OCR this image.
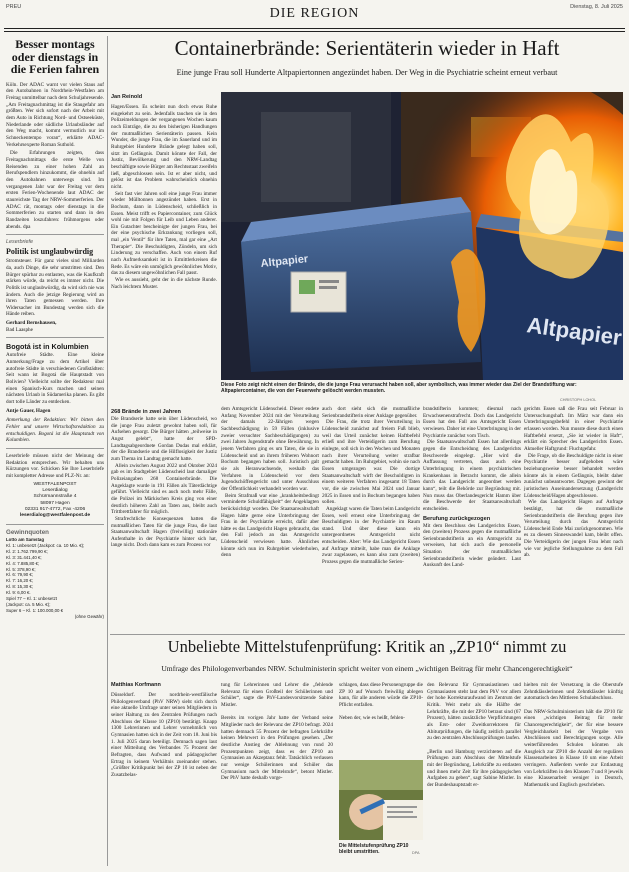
PREU	DIE REGION	Dienstag, 8. Juli 2025
Besser montags oder dienstags in die Ferien fahren

Köln. Der ADAC warnt vor vielen Staus auf den Autobahnen in Nordrhein-Westfalen am Freitag unmittelbar nach dem Schuljahresende. „Am Freitagnachmittag ist die Staugefahr am größten. Wer sich sofort nach der Arbeit mit dem Auto in Richtung Nord- und Ostseeküste, Niederlande oder südliche Urlaubsländer auf den Weg macht, kommt vermutlich nur im Schneckentempo voran“, erklärte ADAC-Verkehrsexperte Roman Suthold.

Die Erfahrungen zeigten, dass Freitagnachmittags die erste Welle von Reisenden zu einer hohen Zahl an Berufspendlern hinzukommt, die ohnehin auf den Autobahnen unterwegs sind. Im vergangenen Jahr war der Freitag vor dem ersten Ferien-Wochenende laut ADAC der staureichste Tag der NRW-Sommerferien. Der ADAC rät, montags oder dienstags in die Sommerferien zu starten und dann in den Randzeiten loszufahren: frühmorgens oder abends. dpa

Leserbriefe
Politik ist unglaubwürdig

Stromsteuer. Für ganz vieles sind Milliarden da, auch Dinge, die sehr umstritten sind. Den Bürger spürbar zu entlasten, was die Kaufkraft stärken würde, da reicht es immer nicht. Die Politik ist unglaubwürdig, da wird sich nie was ändern. Auch die jetzige Regierung wird an ihren Taten gemessen werden. Ihre Widersacher im Bundestag werden sich die Hände reiben.

Gerhard Bernshausen,

Bad Laasphe

Bogotá ist in Kolumbien

Autofreie Städte. Eine kleine Anmerkung/Frage zu dem Artikel über autofreie Städte in verschiedenen Großstädten: Seit wann ist Bogotá die Hauptstadt von Bolivien? Vielleicht sollte der Redakteur mal einen Spanisch-Kurs machen und seinen nächsten Urlaub in Südamerika planen. Es gibt dort tolle Länder zu entdecken.

Antje Gauer, Hagen

Anmerkung der Redaktion: Wir bitten den Fehler und unsere Wirtschaftsredaktion zu entschuldigen. Bogotá ist die Hauptstadt von Kolumbien.

Leserbriefe müssen nicht der Meinung der Redaktion entsprechen. Wir behalten uns Kürzungen vor. Schicken Sie Ihre Leserbriefe mit kompletter Adresse und PLZ-Nr. an:

WESTFALENPOST
Leserdialog
Schürmannstraße 4
58097 Hagen
02331 917-4772, Fax -4206
leserdialog@westfalenpost.de
Gewinnquoten
Lotto am Samstag
Kl. 1: unbesetzt (Jackpot: ca. 10 Mio. €);
Kl. 2: 1.762.799,90 €;
Kl. 3: 31.441,40 €;
Kl. 4: 7.885,80 €;
Kl. 5: 378,90 €;
Kl. 6: 79,90 €;
Kl. 7: 16,20 €;
Kl. 8: 15,30 €;
Kl. 9: 6,00 €.
Spiel 77 – Kl. 1: unbesetzt
(Jackpot: ca. 5 Mio. €);
Super 6 – Kl. 1: 100.000,00 €
(ohne Gewähr)
Containerbrände: Serientäterin wieder in Haft
Eine junge Frau soll Hunderte Altpapiertonnen angezündet haben. Der Weg in die Psychiatrie scheint erneut verbaut
Jan Reinold

Hagen/Essen. Es scheint nun doch etwas Ruhe eingekehrt zu sein. Jedenfalls tauchen sie in den Polizeimeldungen der vergangenen Wochen kaum noch Einträge, die zu den bisherigen Handlungen der mutmaßlichen Serientäterin passen. Kein Wunder, die junge Frau, die im Sauerland und im Ruhrgebiet Hunderte Brände gelegt haben soll, sitzt im Gefängnis. Damit könnte der Fall, der Justiz, Bevölkerung und den NRW-Landtag beschäftigte sowie Bürger am Rechtsstaat zweifeln ließ, abgeschlossen sein. Ist er aber nicht, und gelöst ist das Problem wahrscheinlich ohnehin nicht.

Seit fast vier Jahren soll eine junge Frau immer wieder Mülltonnen angezündet haben. Erst in Bochum, dann in Lüdenscheid, schließlich in Essen. Meist trifft es Papiercontainer, zum Glück wohl nie mit Folgen für Leib und Leben anderer. Ein Gutachter bescheinigte der jungen Frau, bei der eine psychische Erkrankung vorliegen soll, mal „ein Ventil“ für ihre Taten, mal gar eine „Art Therapie“. Die Beschuldigten, Zündeln, um sich Linderung zu verschaffen. Auch von einem Ruf nach Aufmerksamkeit ist in Ermittlerkreisen die Rede. Es wäre ein unmöglich gewöhnliches Motiv, das zu diesem ungewöhnlichen Fall passt.

Wie es aussieht, geht der in die nächste Runde. Nach leichtem Muster.

Altpapier
Altpapier
Diese Foto zeigt nicht einen der Brände, die die junge Frau verursacht haben soll, aber symbolisch, was immer wieder das Ziel der Brandstiftung war: Altpapiercontainer, die von der Feuerwehr gelöscht werden mussten.
CHRISTOPH LOHOL
268 Brände in zwei Jahren

Die Brandserie hatte sein über Lüdenscheid, wo die junge Frau zuletzt gewohnt haben soll, für Aufsehen gesorgt. Die Bürger hätten „teilweise in Angst gelebt“, hatte der SPD-Landtagsabgeordnete Gordan Dudas mal erklärt, der die Brandserie und die Hilflosigkeit der Justiz zum Thema im Landtag gemacht hatte.

Allein zwischen August 2022 und Oktober 2024 gab es im Stadtgebiet Lüdenscheid laut damaliger Polizeiangaben 268 Containerbrände. Die Angeklagte wurde in 191 Fällen als Täterdächtige geführt. Vielleicht sind es auch noch mehr Fälle, die Polizei im Märkischen Kreis ging von einer deutlich höheren Zahl an Taten aus, bleibt auch Trittbrettfahrer für möglich.

Strafrechtliche Konsequenzen hatten die mutmaßlichen Taten für die junge Frau, die laut Staatsanwaltschaft Hagen (freiwillig) stationäre Aufenthalte in der Psychiatrie hinter sich hat, lange nicht. Doch dann kam es zum Prozess vor

dem Amtsgericht Lüdenscheid. Dieser endete Anfang November 2024 mit der Verurteilung der damals 22-Jährigen wegen Sachbeschädigung in 59 Fällen (inklusive zweier versuchter Sachbeschädigungen) zu zwei Jahren Jugendstrafe ohne Bewährung. In jenem Verfahren ging es um Taten, die sie in Lüdenscheid und an ihrem früheren Wohnort Bochum begangen haben soll. Juristisch galt sie als Heranwachsende, weshalb das Verfahren in Lüdenscheid vor dem Jugendschöffengericht und unter Ausschluss der Öffentlichkeit verhandelt worden war.

Beim Strafmaß war eine „krankheitsbedingt verminderte Schuldfähigkeit“ der Angeklagten berücksichtigt worden. Die Staatsanwaltschaft Hagen hätte gerne eine Unterbringung der Frau in der Psychiatrie erreicht, dafür aber hätte es das Landgericht Hagen gebraucht, das den Fall jedoch an das Amtsgericht Lüdenscheid verwiesen hatte. Ähnliches könnte sich nun im Ruhrgebiet wiederholen, denn

auch dort sieht sich die mutmaßliche Serienbrandstifterin einer Anklage gegenüber.

Die Frau, die trotz ihrer Verurteilung in Lüdenscheid zunächst auf freiem Fuß blieb, weil das Urteil zunächst keinen Haftbefehl erließ und ihre Verteidigerin zum Berufung einlegte, soll sich in den Wochen und Monaten nach ihrer Verurteilung weiter strafbar gemacht haben. Im Ruhrgebiet, wohin sie nach Essen umgezogen war. Die dortige Staatsanwaltschaft wirft der Beschuldigten in einem weiteren Verfahren insgesamt 18 Taten vor, die sie zwischen Mai 2024 und Januar 2025 in Essen und in Bochum begangen haben sollen.

Angeklagt waren die Taten beim Landgericht Essen, weil erneut eine Unterbringung der Beschuldigten in der Psychiatrie im Raum stand. Und über diese kann ein untergeordnetes Amtsgericht nicht entscheiden. Aber: Wie das Landgericht Essen auf Anfrage mitteilt, habe man die Anklage zwar zugelassen, es kann also zum (zweiten) Prozess gegen die mutmaßliche Serien-

brandstifterin kommen; diesmal nach Erwachsenenstrafrecht. Doch das Landgericht Essen hat den Fall ans Amtsgericht Essen verwiesen. Daher ist eine Unterbringung in der Psychiatrie zunächst vom Tisch.

Die Staatsanwaltschaft Essen hat allerdings gegen die Entscheidung des Landgerichts Beschwerde eingelegt. „Hier wird die Auffassung vertreten, dass auch eine Unterbringung in einem psychiatrischen Krankenhaus in Betracht kommt, die allein durch das Landgericht angeordnet werden kann“, teilt die Behörde zur Begründung mit. Nun muss das Oberlandesgericht Hamm über die Beschwerde der Staatsanwaltschaft entscheiden.

Berufung zurückgezogen

Mit dem Beschluss des Landgerichts Essen, den (zweiten) Prozess gegen die mutmaßliche Serienbrandstifterin an ein Amtsgericht zu verweisen, hat sich auch die personelle Situation der mutmaßlichen Serienbrandstifterin wieder geändert. Laut Auskunft des Land-

gerichts Essen saß die Frau seit Februar in Untersuchungshaft. Im März war dann ein Unterbringungsbefehl in einer Psychiatrie erlassen worden. Nun musste diese durch einen Haftbefehl ersetzt, „Sie ist wieder in Haft“, erklärt ein Sprecher des Landgerichts Essen. Aktueller Haftgrund: Fluchtgefahr.

Die Frage, ob die Beschuldigte nicht in einer Psychiatrie besser aufgehoben wäre beziehungsweise besser behandelt werden könnte als in einem Gefängnis, bleibt daher zunächst unbeantwortet. Dagegen gewinnt der juristischen Auseinandersetzung (Landgericht Lüdenscheid/Hagen abgeschlossen.

Wie das Landgericht Hagen auf Anfrage bestätigt, hat die mutmaßliche Serienbrandstifterin die Berufung gegen ihre Verurteilung durch das Amtsgericht Lüdenscheid Ende Mai zurückgenommen. Wie es zu diesem Sinneswandel kam, bleibt offen. Die Verteidigerin der jungen Frau lehnt nach wie vor jegliche Stellungnahme zu dem Fall ab.

Unbeliebte Mittelstufenprüfung: Kritik an „ZP10“ nimmt zu
Umfrage des Philologenverbandes NRW. Schulministerin spricht weiter von einem „wichtigen Beitrag für mehr Chancengerechtigkeit“
Matthias Korfmann

Düsseldorf. Der nordrhein-westfälische Philologenverband (PhV NRW) sieht sich durch eine aktuelle Umfrage unter seinen Mitgliedern in seiner Haltung zu den Zentralen Prüfungen nach Abschluss der Klasse 10 (ZP10) bestätigt. Knapp 1300 Lehrerinnen und Lehrer vornehmlich von Gymnasien hatten sich in der Zeit vom 18. Juni bis 1. Juli 2025 daran beteiligt. Demnach sagen laut einer Mitteilung des Verbandes 75 Prozent der Befragten, dass Aufwand und pädagogischer Ertrag in keinem Verhältnis zueinander stehen. „Größter Kritikpunkt bei der ZP 10 ist neben der Zusatzbelas-

tung für Lehrerinnen und Lehrer die „fehlende Relevanz für einen Großteil der Schülerinnen und Schüler“, sagte die PhV-Landesvorsitzende Sabine Mistler.

Bereits im vorigen Jahr hatte der Verband seine Mitglieder nach der Relevanz der ZP10 befragt. 2024 hatten demnach 55 Prozent der befragten Lehrkräfte keinen Mehrwert in den Prüfungen gesehen. „Der deutliche Anstieg der Ablehnung von rund 20 Prozentpunkten zeigt, dass es der ZP10 an Gymnasien an Akzeptanz fehlt. Tatsächlich verlassen nur wenige Schülerinnen und Schüler das Gymnasium nach der Mittelstufe“, betont Mistler. Der PhV hatte deshalb vorge-

schlagen, dass diese Personengruppe die ZP 10 auf Wunsch freiwillig ablegen kann, für alle anderen würde die ZP10-Pflicht entfallen.

Neben der, wie es heißt, fehlen-

Die Mittelstufenprüfung ZP10 bleibt umstritten.	DPA

den Relevanz für Gymnasiastinnen und Gymnasiasten steht laut dem PhV vor allem der hohe Korrekturaufwand im Zentrum der Kritik. Weit mehr als die Hälfte der Lehrkräfte, die mit der ZP10 betraut sind (67 Prozent), hätten zusätzliche Verpflichtungen als Erst- oder Zweitkorrektoren für Abiturprüfungen, die häufig zeitlich parallel zu den zentralen Abschlussprüfungen laufen.

„Berlin und Hamburg verzichteten auf die Prüfungen zum Abschluss der Mittelstufe mit der Begründung, Lehrkräfte zu entlasten und ihnen mehr Zeit für ihre pädagogischen Aufgaben zu geben“, sagt Sabine Mistler. In der Bundeshauptstadt er-

hielten mit der Versetzung in die Oberstufe Zehntklässlerinnen und Zehntklässler künftig automatisch den Mittleren Schulabschluss.

Das NRW-Schulministerium hält die ZP10 für einen „wichtigen Beitrag für mehr Chancengerechtigkeit“, der für eine bessere Vergleichbarkeit bei der Vergabe von Abschlüssen und Berechtigungen sorge. Alle weiterführenden Schulen könnten als Ausgleich zur ZP10 die Anzahl der regulären Klassenarbeiten in Klasse 10 um eine Arbeit verringern. Außerdem werde zur Entlastung von Lehrkräften in den Klassen 7 und 8 jeweils eine Klassenarbeit weniger in Deutsch, Mathematik und Englisch geschrieben.
